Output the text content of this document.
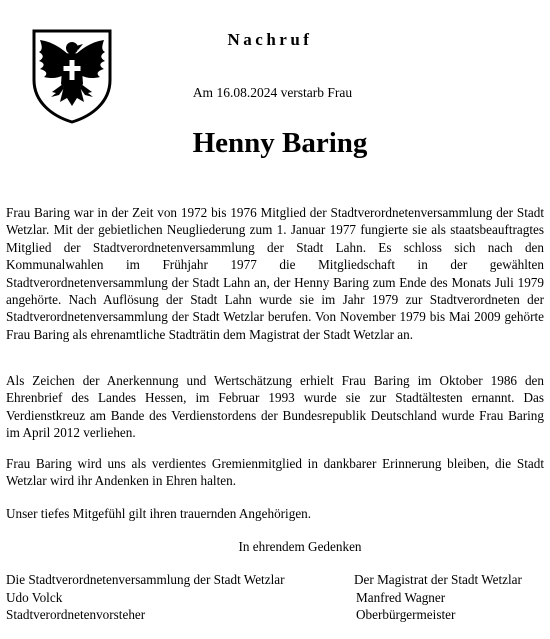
Nachruf
Am 16.08.2024 verstarb Frau
Henny Baring

Frau Baring war in der Zeit von 1972 bis 1976 Mitglied der Stadtverordnetenversammlung der Stadt Wetzlar. Mit der gebietlichen Neugliederung zum 1. Januar 1977 fungierte sie als staatsbeauftragtes Mitglied der Stadtverordnetenversammlung der Stadt Lahn. Es schloss sich nach den Kommunalwahlen im Frühjahr 1977 die Mitgliedschaft in der gewählten Stadtverordnetenversammlung der Stadt Lahn an, der Henny Baring zum Ende des Monats Juli 1979 angehörte. Nach Auflösung der Stadt Lahn wurde sie im Jahr 1979 zur Stadtverordneten der Stadtverordnetenversammlung der Stadt Wetzlar berufen. Von November 1979 bis Mai 2009 gehörte Frau Baring als ehrenamtliche Stadträtin dem Magistrat der Stadt Wetzlar an.

Als Zeichen der Anerkennung und Wertschätzung erhielt Frau Baring im Oktober 1986 den Ehrenbrief des Landes Hessen, im Februar 1993 wurde sie zur Stadtältesten ernannt. Das Verdienstkreuz am Bande des Verdienstordens der Bundesrepublik Deutschland wurde Frau Baring im April 2012 verliehen.

Frau Baring wird uns als verdientes Gremienmitglied in dankbarer Erinnerung bleiben, die Stadt Wetzlar wird ihr Andenken in Ehren halten.

Unser tiefes Mitgefühl gilt ihren trauernden Angehörigen.

In ehrendem Gedenken
Die Stadtverordnetenversammlung der Stadt Wetzlar
Udo Volck
Stadtverordnetenvorsteher
Der Magistrat der Stadt Wetzlar
Manfred Wagner
Oberbürgermeister
